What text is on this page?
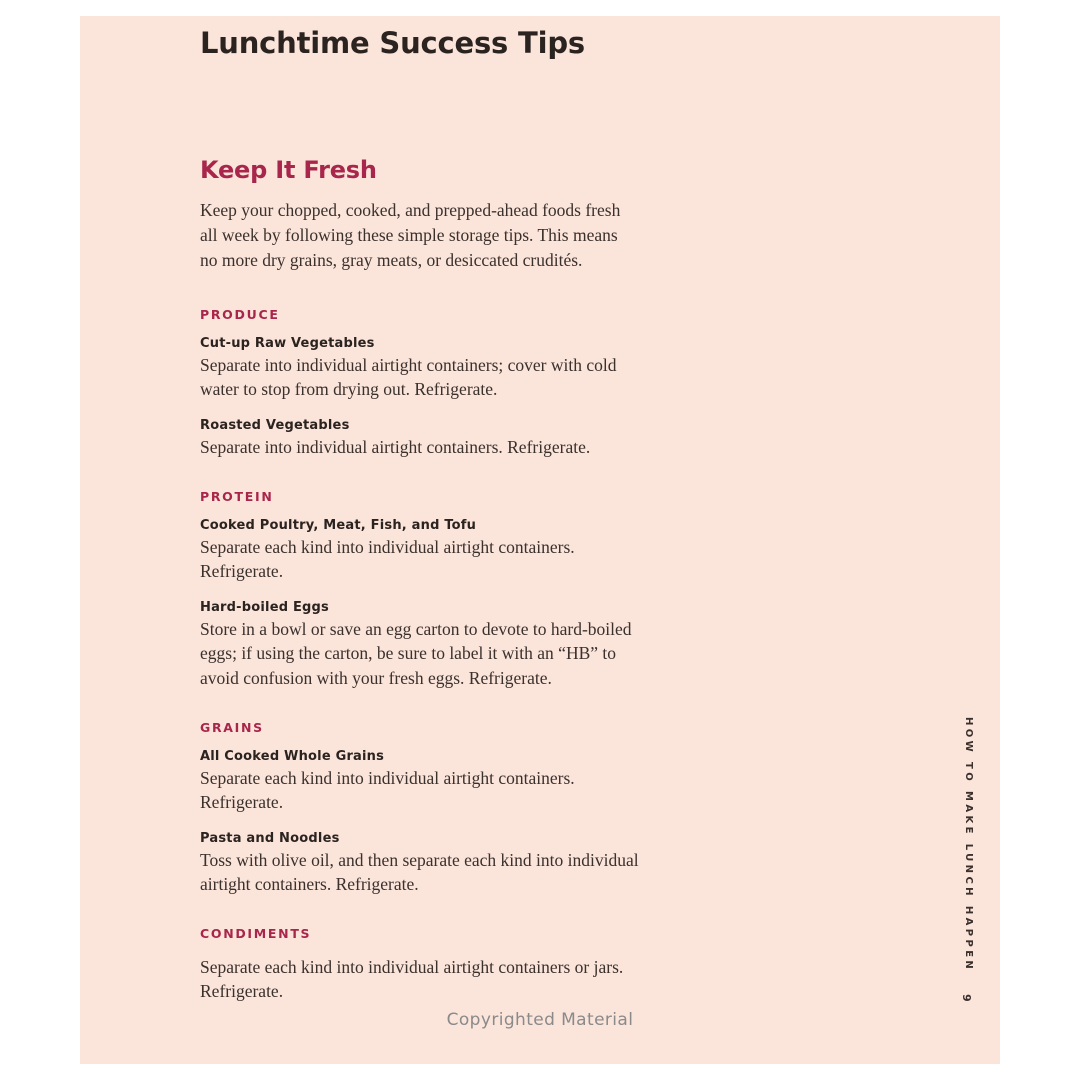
Lunchtime Success Tips
Keep It Fresh

Keep your chopped, cooked, and prepped-ahead foods fresh all week by following these simple storage tips. This means no more dry grains, gray meats, or desiccated crudités.

PRODUCE
Cut-up Raw Vegetables

Separate into individual airtight containers; cover with cold water to stop from drying out. Refrigerate.

Roasted Vegetables

Separate into individual airtight containers. Refrigerate.

PROTEIN
Cooked Poultry, Meat, Fish, and Tofu

Separate each kind into individual airtight containers. Refrigerate.

Hard-boiled Eggs

Store in a bowl or save an egg carton to devote to hard-boiled eggs; if using the carton, be sure to label it with an “HB” to avoid confusion with your fresh eggs. Refrigerate.

GRAINS
All Cooked Whole Grains

Separate each kind into individual airtight containers. Refrigerate.

Pasta and Noodles

Toss with olive oil, and then separate each kind into individual airtight containers. Refrigerate.

CONDIMENTS

Separate each kind into individual airtight containers or jars. Refrigerate.

HOW TO MAKE LUNCH HAPPEN
9
Copyrighted Material
